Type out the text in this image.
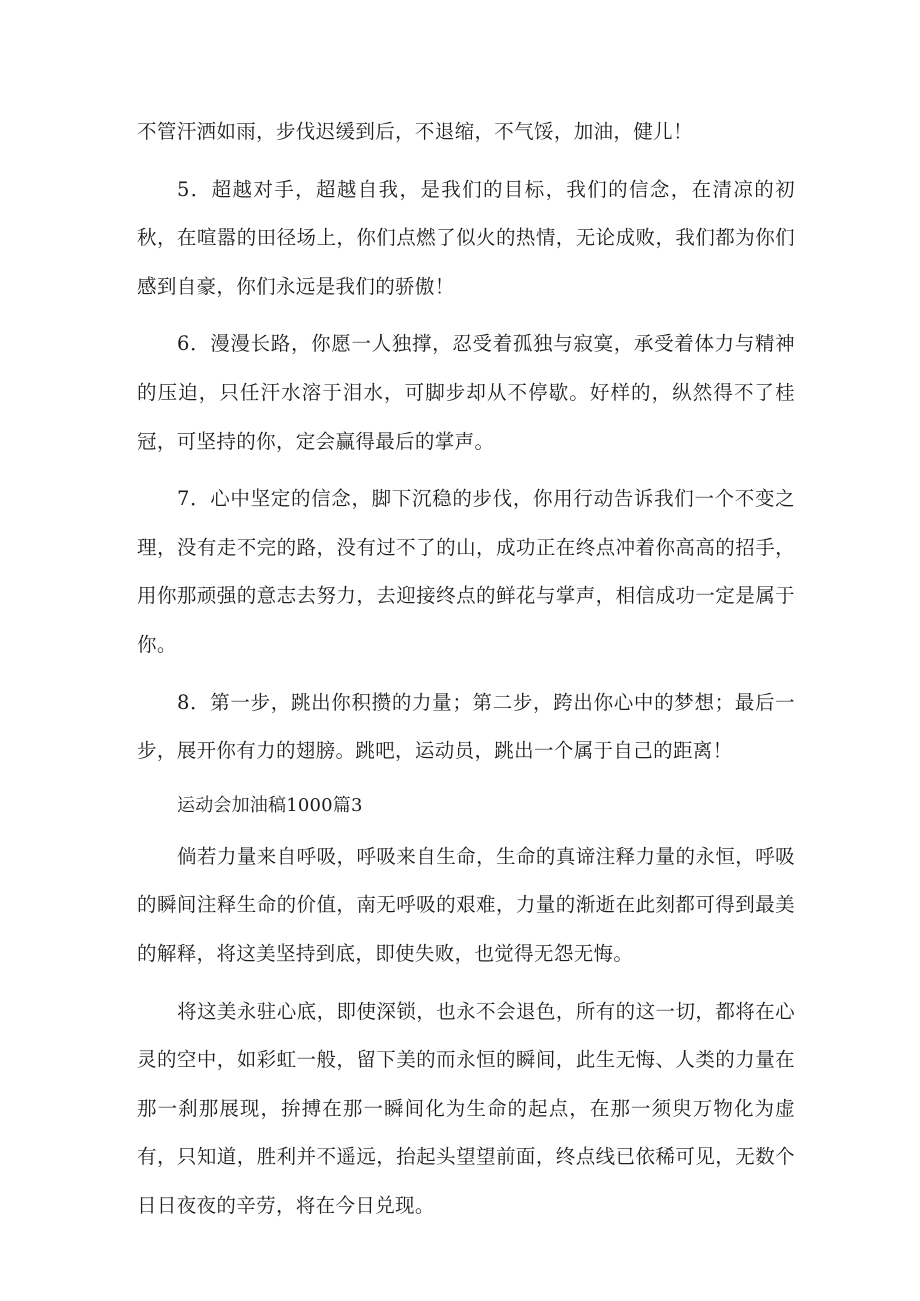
不管汗洒如雨，步伐迟缓到后，不退缩，不气馁，加油，健儿！

5．超越对手，超越自我，是我们的目标，我们的信念，在清凉的初秋，在喧嚣的田径场上，你们点燃了似火的热情，无论成败，我们都为你们感到自豪，你们永远是我们的骄傲！

6．漫漫长路，你愿一人独撑，忍受着孤独与寂寞，承受着体力与精神的压迫，只任汗水溶于泪水，可脚步却从不停歇。好样的，纵然得不了桂冠，可坚持的你，定会赢得最后的掌声。

7．心中坚定的信念，脚下沉稳的步伐，你用行动告诉我们一个不变之理，没有走不完的路，没有过不了的山，成功正在终点冲着你高高的招手，用你那顽强的意志去努力，去迎接终点的鲜花与掌声，相信成功一定是属于你。

8．第一步，跳出你积攒的力量；第二步，跨出你心中的梦想；最后一步，展开你有力的翅膀。跳吧，运动员，跳出一个属于自己的距离！

运动会加油稿1000篇3

倘若力量来自呼吸，呼吸来自生命，生命的真谛注释力量的永恒，呼吸的瞬间注释生命的价值，南无呼吸的艰难，力量的渐逝在此刻都可得到最美的解释，将这美坚持到底，即使失败，也觉得无怨无悔。

将这美永驻心底，即使深锁，也永不会退色，所有的这一切，都将在心灵的空中，如彩虹一般，留下美的而永恒的瞬间，此生无悔、人类的力量在那一刹那展现，拚搏在那一瞬间化为生命的起点，在那一须臾万物化为虚有，只知道，胜利并不遥远，抬起头望望前面，终点线已依稀可见，无数个日日夜夜的辛劳，将在今日兑现。
